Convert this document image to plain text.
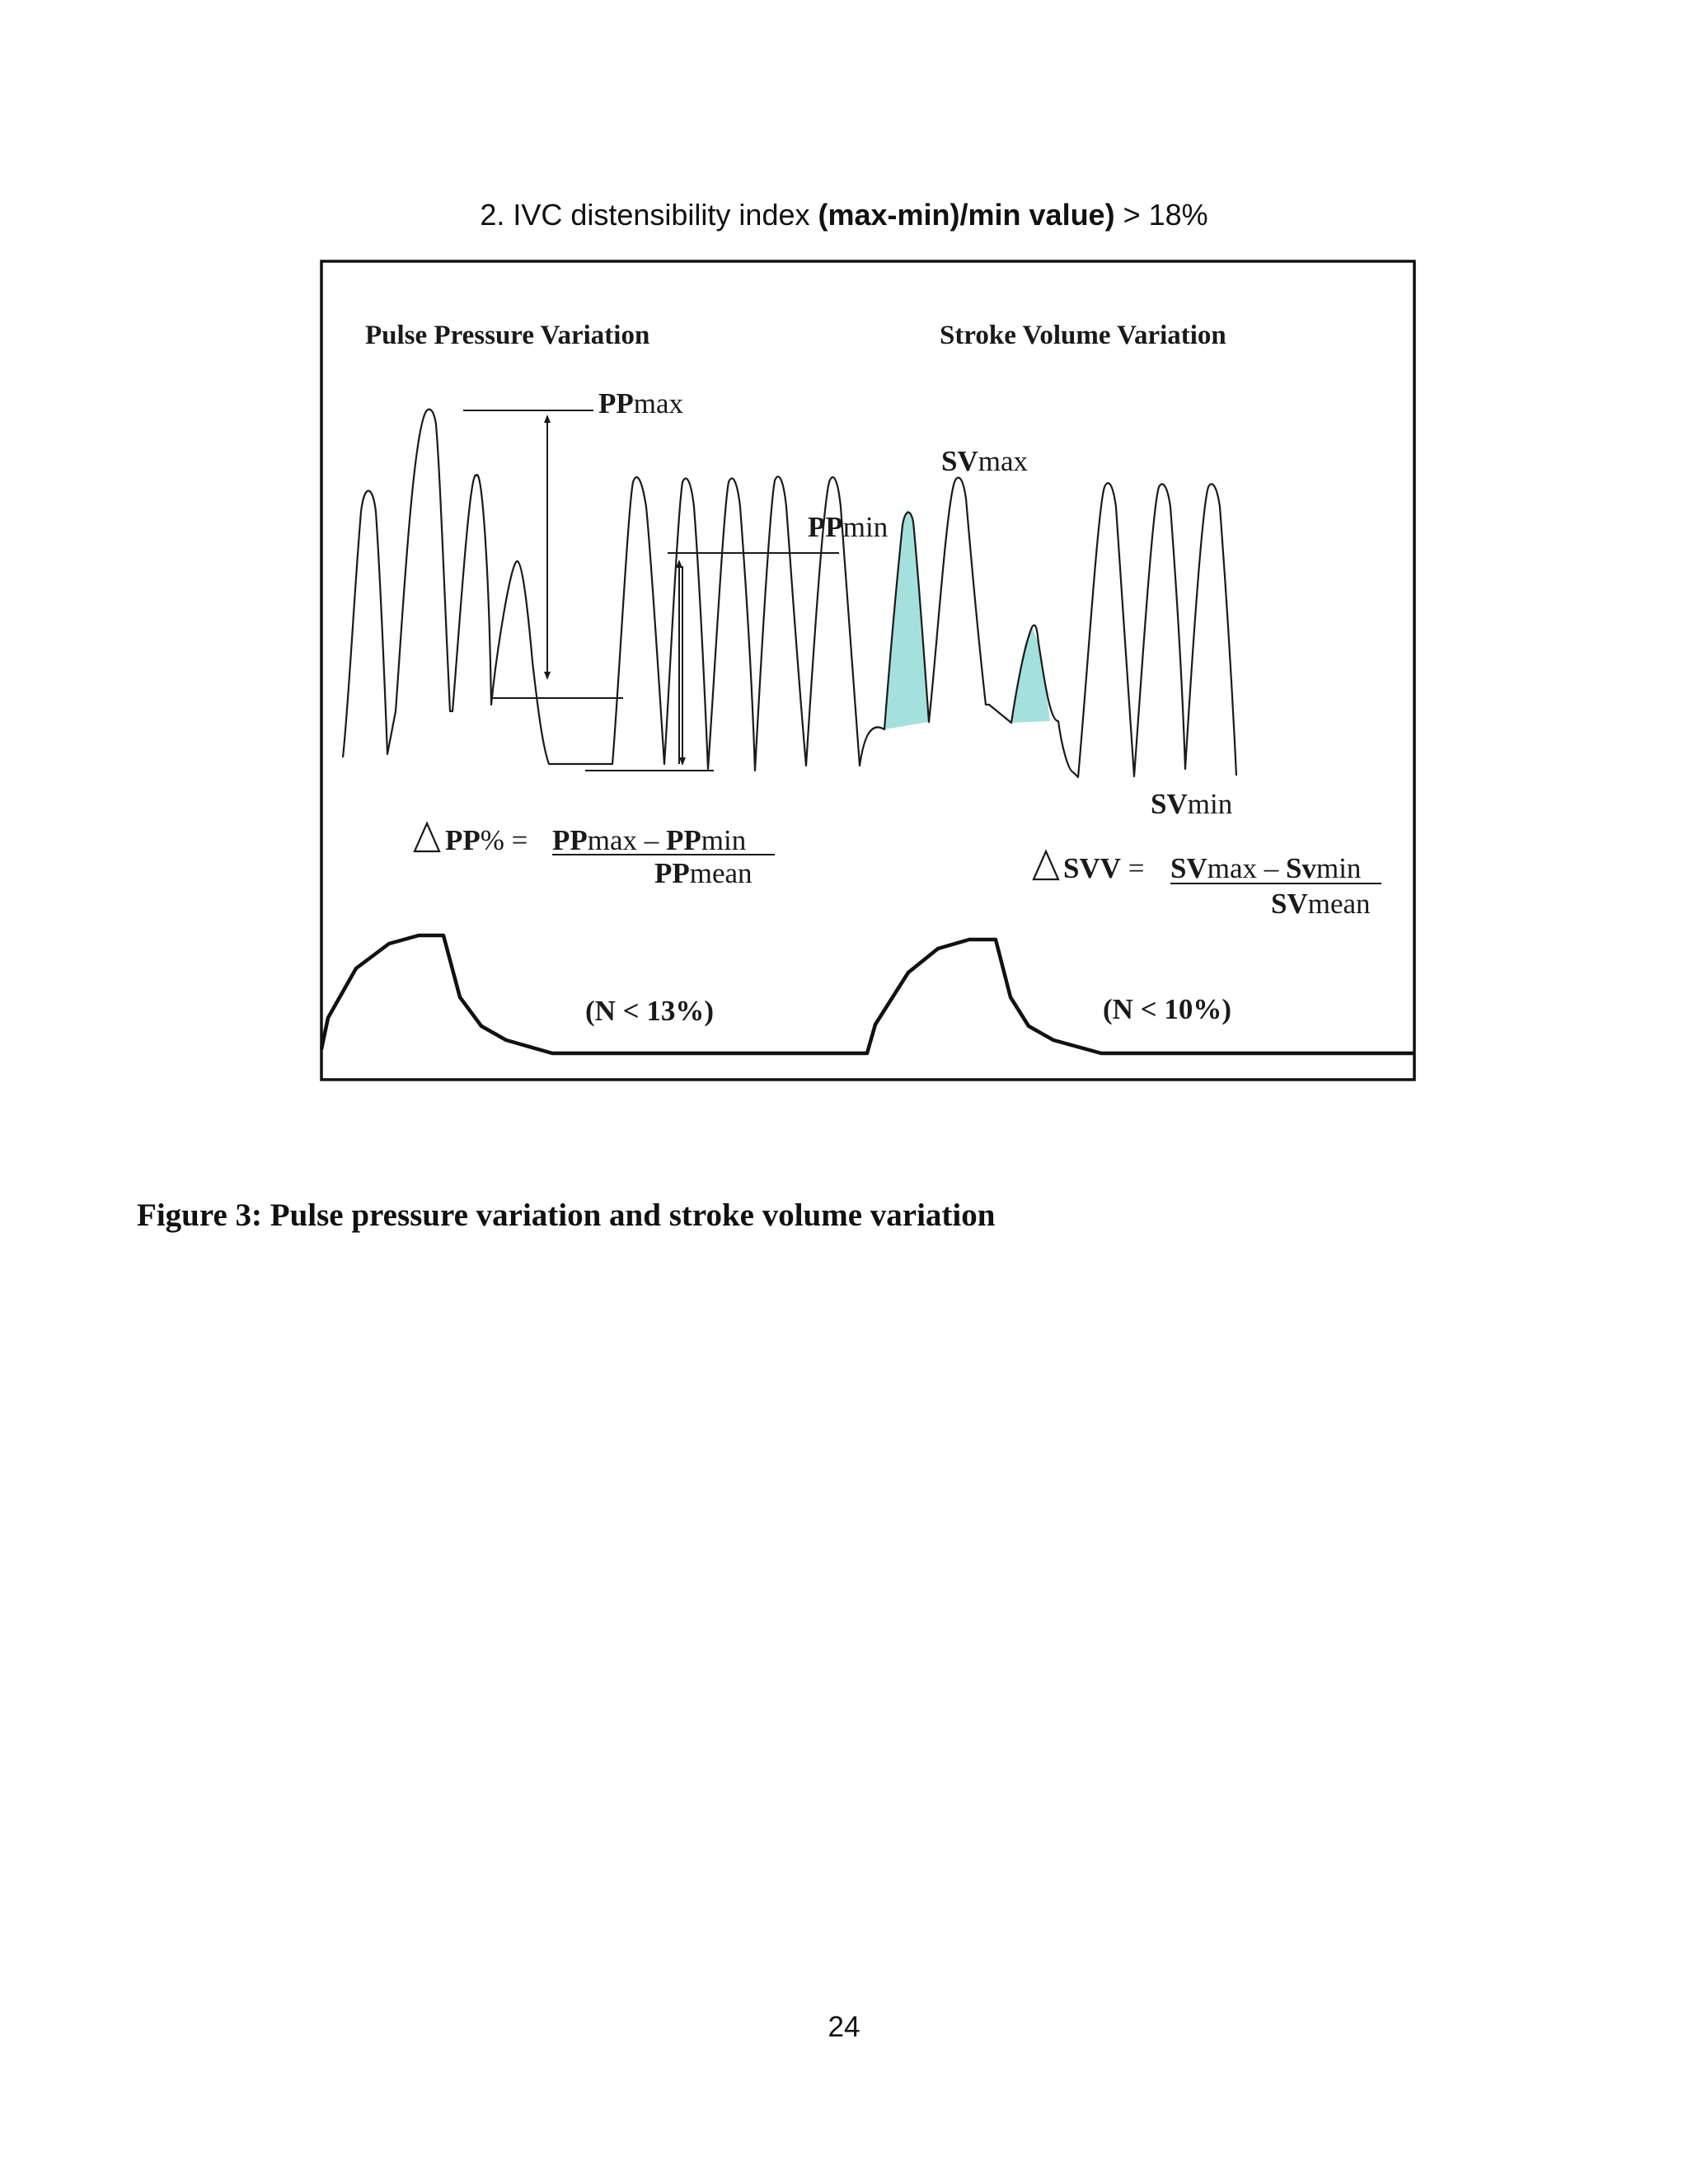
2. IVC distensibility index (max-min)/min value) > 18%
Pulse Pressure Variation	Stroke Volume Variation
PPmax
PPmin
SVmax
SVmin
PP% = PPmax – PPmin
PPmean	SVV = SVmax – Svmin
SVmean
(N < 13%)	(N < 10%)
Figure 3: Pulse pressure variation and stroke volume variation
24
